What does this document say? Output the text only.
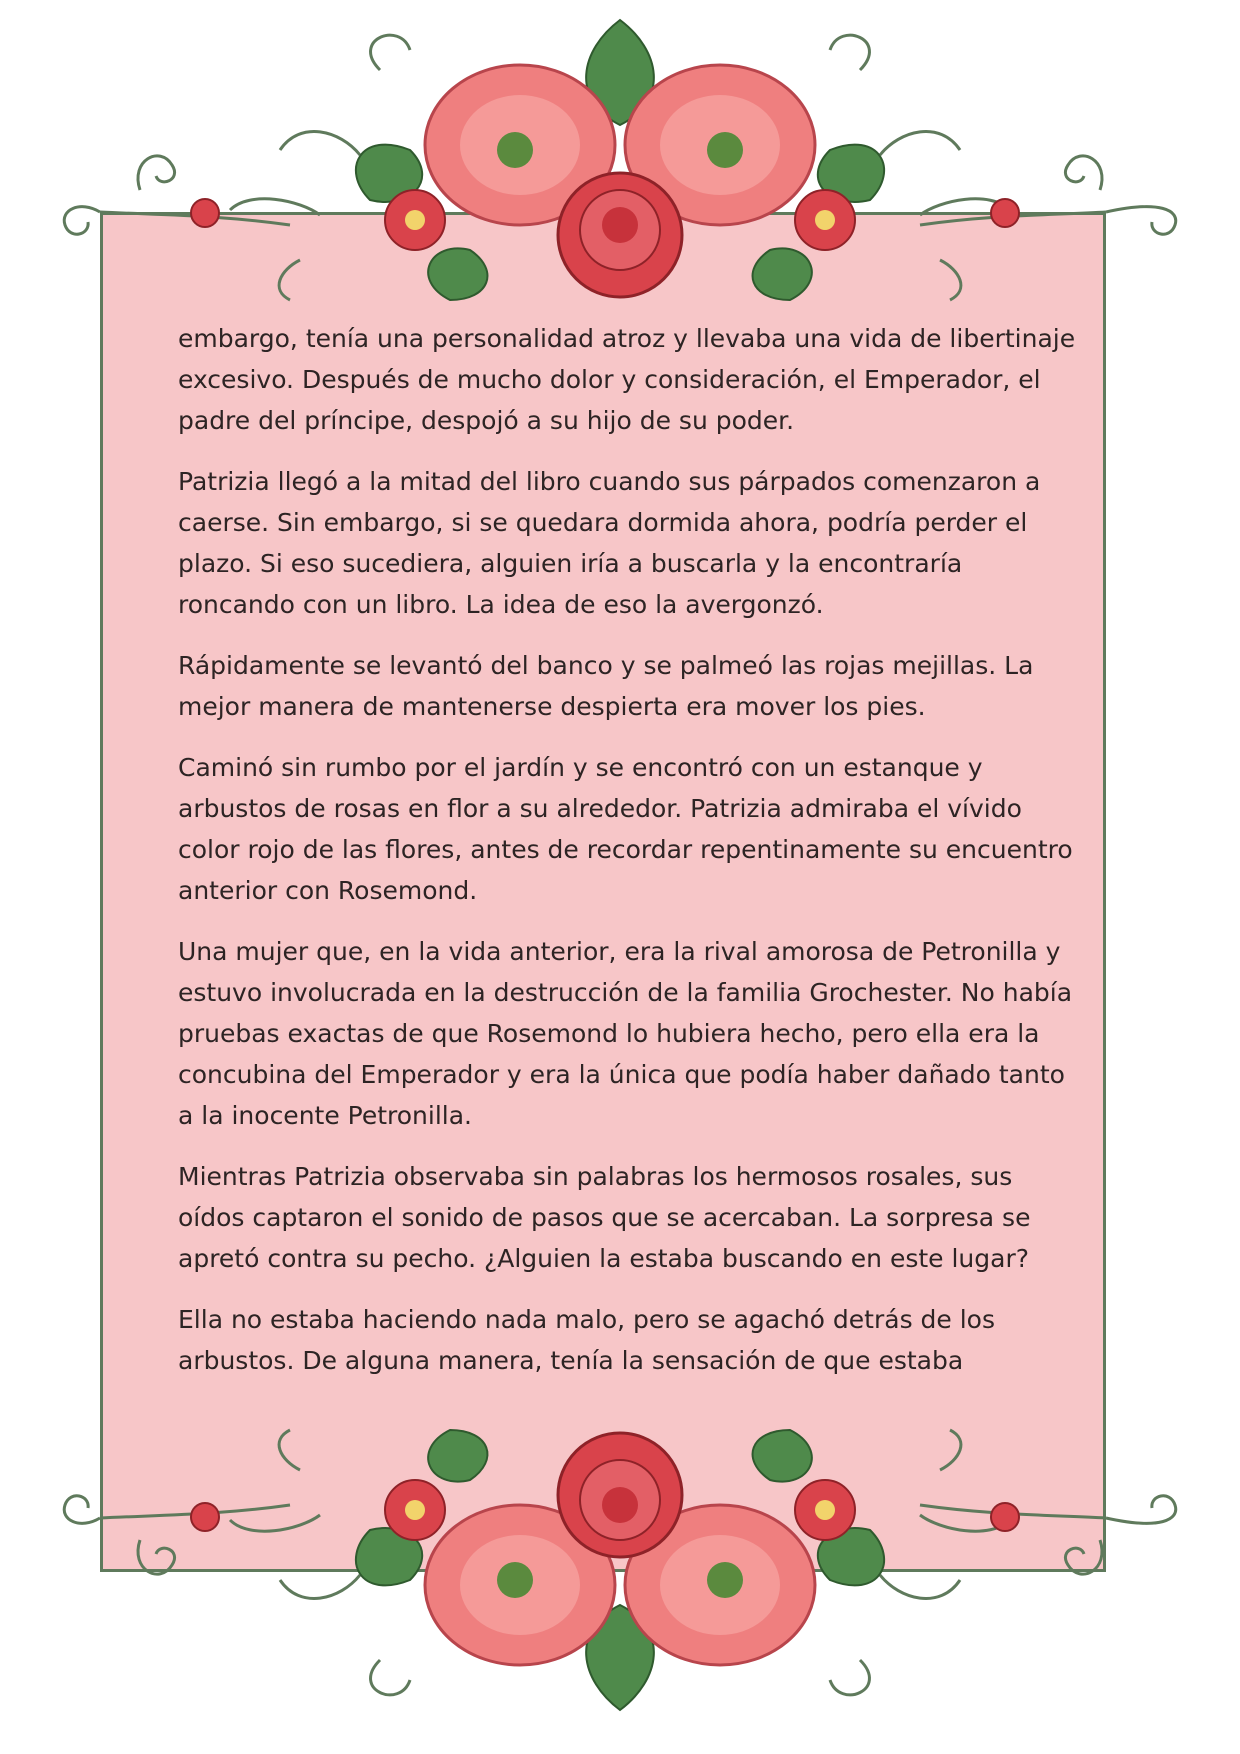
embargo, tenía una personalidad atroz y llevaba una vida de libertinaje excesivo. Después de mucho dolor y consideración, el Emperador, el padre del príncipe, despojó a su hijo de su poder.

Patrizia llegó a la mitad del libro cuando sus párpados comenzaron a caerse. Sin embargo, si se quedara dormida ahora, podría perder el plazo. Si eso sucediera, alguien iría a buscarla y la encontraría roncando con un libro. La idea de eso la avergonzó.

Rápidamente se levantó del banco y se palmeó las rojas mejillas. La mejor manera de mantenerse despierta era mover los pies.

Caminó sin rumbo por el jardín y se encontró con un estanque y arbustos de rosas en flor a su alrededor. Patrizia admiraba el vívido color rojo de las flores, antes de recordar repentinamente su encuentro anterior con Rosemond.

Una mujer que, en la vida anterior, era la rival amorosa de Petronilla y estuvo involucrada en la destrucción de la familia Grochester. No había pruebas exactas de que Rosemond lo hubiera hecho, pero ella era la concubina del Emperador y era la única que podía haber dañado tanto a la inocente Petronilla.

Mientras Patrizia observaba sin palabras los hermosos rosales, sus oídos captaron el sonido de pasos que se acercaban. La sorpresa se apretó contra su pecho. ¿Alguien la estaba buscando en este lugar?

Ella no estaba haciendo nada malo, pero se agachó detrás de los arbustos. De alguna manera, tenía la sensación de que estaba
